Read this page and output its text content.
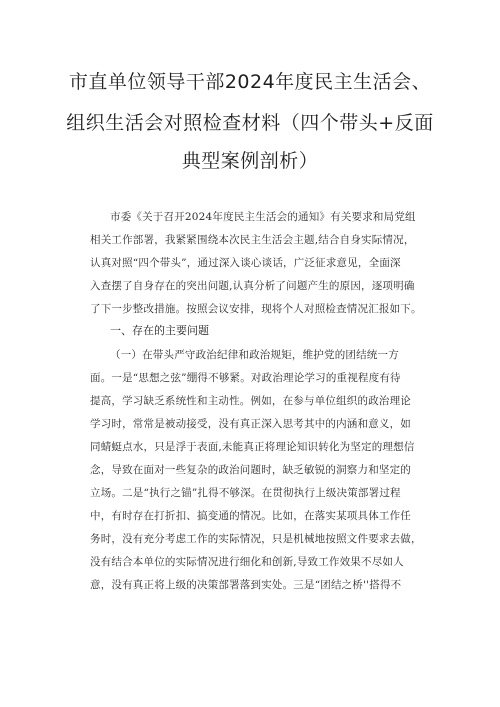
市直单位领导干部2024年度民主生活会、
组织生活会对照检查材料（四个带头+反面
典型案例剖析）
市委《关于召开2024年度民主生活会的通知》有关要求和局党组
相关工作部署，我紧紧围绕本次民主生活会主题,结合自身实际情况，
认真对照“四个带头”，通过深入谈心谈话，广泛征求意见，全面深
入查摆了自身存在的突出问题,认真分析了问题产生的原因，逐项明确
了下一步整改措施。按照会议安排，现将个人对照检查情况汇报如下。
一、存在的主要问题
（一）在带头严守政治纪律和政治规矩，维护党的团结统一方
面。一是“思想之弦”绷得不够紧。对政治理论学习的重视程度有待
提高，学习缺乏系统性和主动性。例如，在参与单位组织的政治理论
学习时，常常是被动接受，没有真正深入思考其中的内涵和意义，如
同蜻蜓点水，只是浮于表面,未能真正将理论知识转化为坚定的理想信
念，导致在面对一些复杂的政治问题时，缺乏敏锐的洞察力和坚定的
立场。二是“执行之锚”扎得不够深。在贯彻执行上级决策部署过程
中，有时存在打折扣、搞变通的情况。比如，在落实某项具体工作任
务时，没有充分考虑工作的实际情况，只是机械地按照文件要求去做，
没有结合本单位的实际情况进行细化和创新,导致工作效果不尽如人
意，没有真正将上级的决策部署落到实处。三是“团结之桥''搭得不
